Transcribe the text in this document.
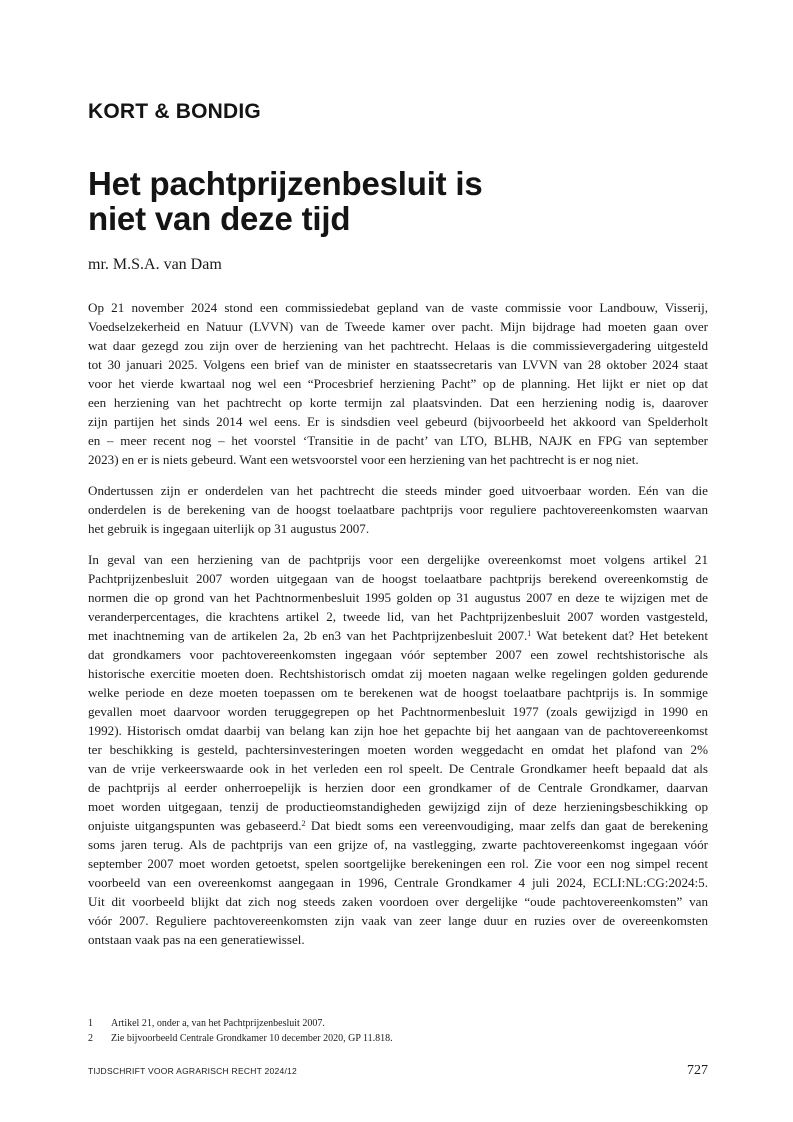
KORT & BONDIG
Het pachtprijzenbesluit is
niet van deze tijd
mr. M.S.A. van Dam
Op 21 november 2024 stond een commissiedebat gepland van de vaste commissie voor Landbouw, Visserij,
Voedselzekerheid en Natuur (LVVN) van de Tweede kamer over pacht. Mijn bijdrage had moeten gaan over
wat daar gezegd zou zijn over de herziening van het pachtrecht. Helaas is die commissievergadering uitgesteld
tot 30 januari 2025. Volgens een brief van de minister en staatssecretaris van LVVN van 28 oktober 2024 staat
voor het vierde kwartaal nog wel een “Procesbrief herziening Pacht” op de planning. Het lijkt er niet op dat
een herziening van het pachtrecht op korte termijn zal plaatsvinden. Dat een herziening nodig is, daarover
zijn partijen het sinds 2014 wel eens. Er is sindsdien veel gebeurd (bijvoorbeeld het akkoord van Spelderholt
en – meer recent nog – het voorstel ‘Transitie in de pacht’ van LTO, BLHB, NAJK en FPG van september
2023) en er is niets gebeurd. Want een wetsvoorstel voor een herziening van het pachtrecht is er nog niet.
Ondertussen zijn er onderdelen van het pachtrecht die steeds minder goed uitvoerbaar worden. Eén van die
onderdelen is de berekening van de hoogst toelaatbare pachtprijs voor reguliere pachtovereenkomsten waarvan
het gebruik is ingegaan uiterlijk op 31 augustus 2007.
In geval van een herziening van de pachtprijs voor een dergelijke overeenkomst moet volgens artikel 21
Pachtprijzenbesluit 2007 worden uitgegaan van de hoogst toelaatbare pachtprijs berekend overeenkomstig de
normen die op grond van het Pachtnormenbesluit 1995 golden op 31 augustus 2007 en deze te wijzigen met de
veranderpercentages, die krachtens artikel 2, tweede lid, van het Pachtprijzenbesluit 2007 worden vastgesteld,
met inachtneming van de artikelen 2a, 2b en3 van het Pachtprijzenbesluit 2007.$^1$ Wat betekent dat? Het betekent
dat grondkamers voor pachtovereenkomsten ingegaan vóór september 2007 een zowel rechtshistorische als
historische exercitie moeten doen. Rechtshistorisch omdat zij moeten nagaan welke regelingen golden gedurende
welke periode en deze moeten toepassen om te berekenen wat de hoogst toelaatbare pachtprijs is. In sommige
gevallen moet daarvoor worden teruggegrepen op het Pachtnormenbesluit 1977 (zoals gewijzigd in 1990 en
1992). Historisch omdat daarbij van belang kan zijn hoe het gepachte bij het aangaan van de pachtovereenkomst
ter beschikking is gesteld, pachtersinvesteringen moeten worden weggedacht en omdat het plafond van 2%
van de vrije verkeerswaarde ook in het verleden een rol speelt. De Centrale Grondkamer heeft bepaald dat als
de pachtprijs al eerder onherroepelijk is herzien door een grondkamer of de Centrale Grondkamer, daarvan
moet worden uitgegaan, tenzij de productieomstandigheden gewijzigd zijn of deze herzieningsbeschikking op
onjuiste uitgangspunten was gebaseerd.$^2$ Dat biedt soms een vereenvoudiging, maar zelfs dan gaat de berekening
soms jaren terug. Als de pachtprijs van een grijze of, na vastlegging, zwarte pachtovereenkomst ingegaan vóór
september 2007 moet worden getoetst, spelen soortgelijke berekeningen een rol. Zie voor een nog simpel recent
voorbeeld van een overeenkomst aangegaan in 1996, Centrale Grondkamer 4 juli 2024, ECLI:NL:CG:2024:5.
Uit dit voorbeeld blijkt dat zich nog steeds zaken voordoen over dergelijke “oude pachtovereenkomsten” van
vóór 2007. Reguliere pachtovereenkomsten zijn vaak van zeer lange duur en ruzies over de overeenkomsten
ontstaan vaak pas na een generatiewissel.
1	Artikel 21, onder a, van het Pachtprijzenbesluit 2007.
2	Zie bijvoorbeeld Centrale Grondkamer 10 december 2020, GP 11.818.
TIJDSCHRIFT VOOR AGRARISCH RECHT 2024/12	727
